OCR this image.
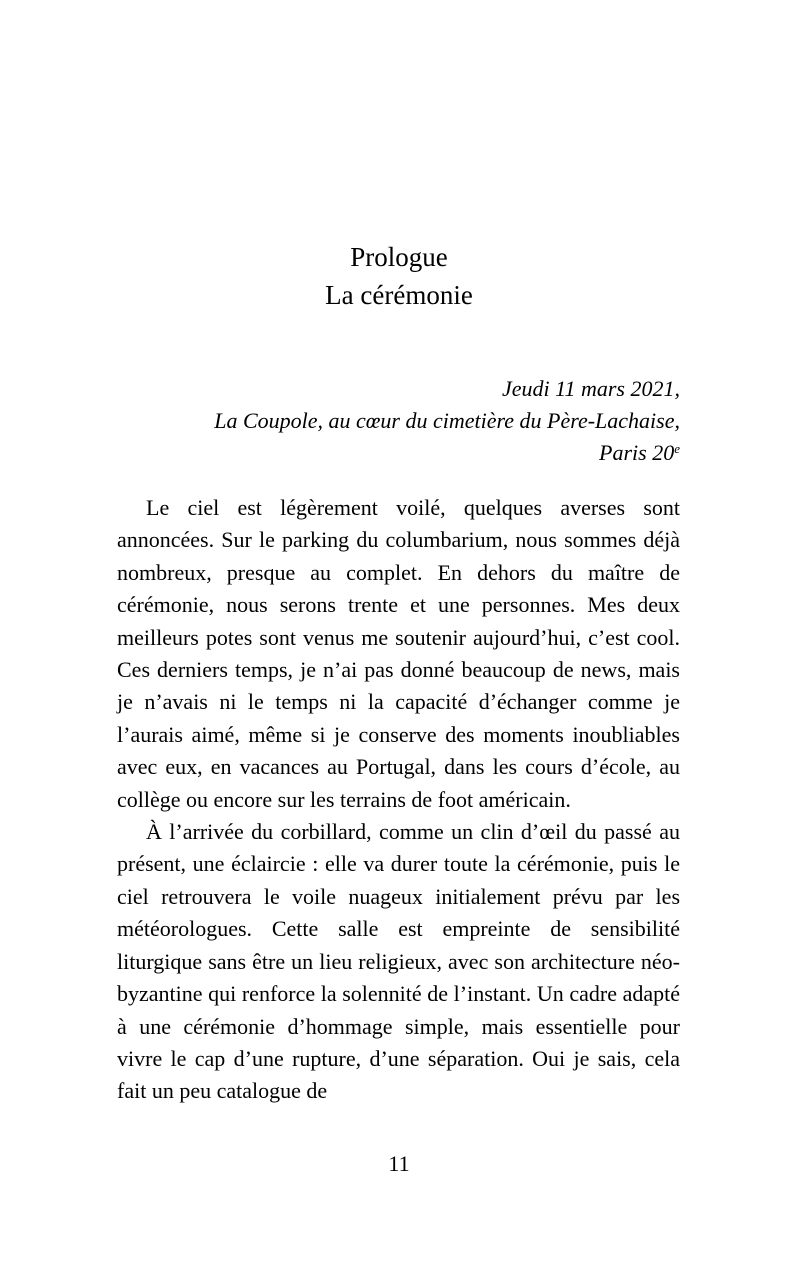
Prologue
La cérémonie
Jeudi 11 mars 2021,
La Coupole, au cœur du cimetière du Père-Lachaise,
Paris 20e

Le ciel est légèrement voilé, quelques averses sont annoncées. Sur le parking du columbarium, nous sommes déjà nombreux, presque au complet. En dehors du maître de cérémonie, nous serons trente et une personnes. Mes deux meilleurs potes sont venus me soutenir aujourd’hui, c’est cool. Ces derniers temps, je n’ai pas donné beaucoup de news, mais je n’avais ni le temps ni la capacité d’échanger comme je l’aurais aimé, même si je conserve des moments inoubliables avec eux, en vacances au Portugal, dans les cours d’école, au collège ou encore sur les terrains de foot américain.

À l’arrivée du corbillard, comme un clin d’œil du passé au présent, une éclaircie : elle va durer toute la cérémonie, puis le ciel retrouvera le voile nuageux initialement prévu par les météorologues. Cette salle est empreinte de sensibilité liturgique sans être un lieu religieux, avec son architecture néo-byzantine qui renforce la solennité de l’instant. Un cadre adapté à une cérémonie d’hommage simple, mais essentielle pour vivre le cap d’une rupture, d’une séparation. Oui je sais, cela fait un peu catalogue de

11
